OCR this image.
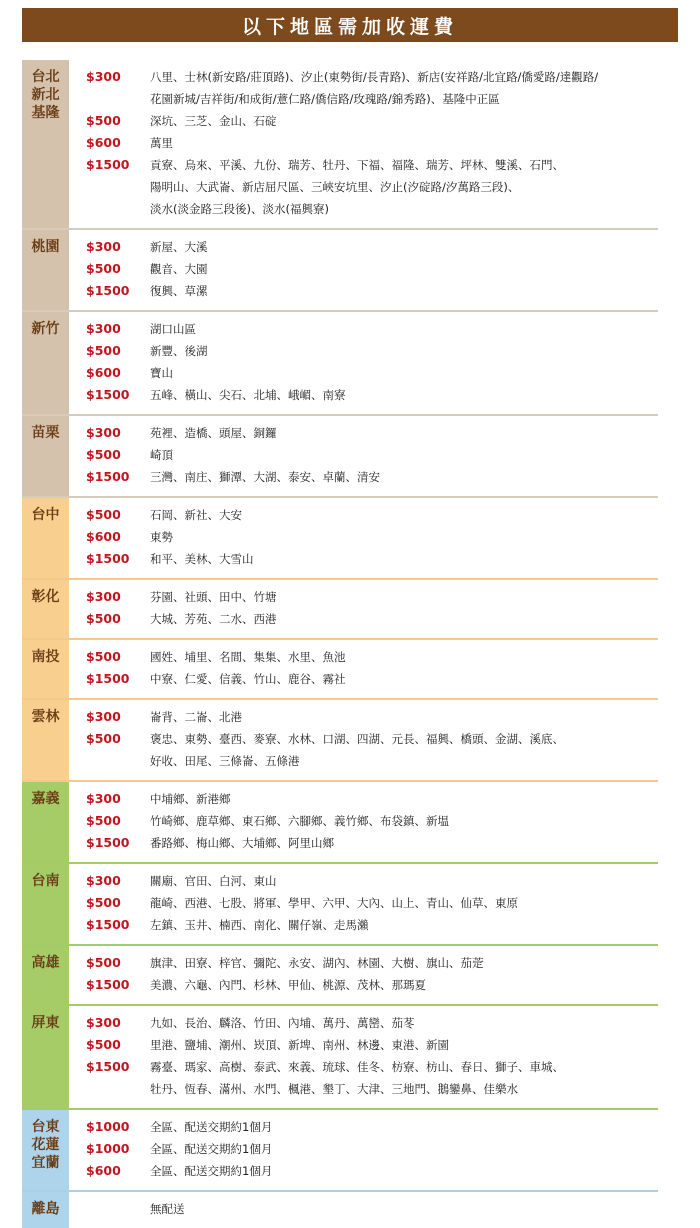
以下地區需加收運費
台北
新北
基隆
$300	八里、士林(新安路/莊頂路)、汐止(東勢街/長青路)、新店(安祥路/北宜路/僑愛路/達觀路/
花園新城/吉祥街/和成街/薏仁路/僑信路/玫瑰路/錦秀路)、基隆中正區
$500	深坑、三芝、金山、石碇
$600	萬里
$1500	貢寮、烏來、平溪、九份、瑞芳、牡丹、下福、福隆、瑞芳、坪林、雙溪、石門、
陽明山、大武崙、新店屈尺區、三峽安坑里、汐止(汐碇路/汐萬路三段)、
淡水(淡金路三段後)、淡水(福興寮)
桃園	$300	新屋、大溪
$500	觀音、大園
$1500	復興、草漯
新竹	$300	湖口山區
$500	新豐、後湖
$600	寶山
$1500	五峰、橫山、尖石、北埔、峨嵋、南寮
苗栗	$300	苑裡、造橋、頭屋、銅鑼
$500	崎頂
$1500	三灣、南庄、獅潭、大湖、泰安、卓蘭、清安
台中	$500	石岡、新社、大安
$600	東勢
$1500	和平、美林、大雪山
彰化	$300	芬園、社頭、田中、竹塘
$500	大城、芳苑、二水、西港
南投	$500	國姓、埔里、名間、集集、水里、魚池
$1500	中寮、仁愛、信義、竹山、鹿谷、霧社
雲林	$300	崙背、二崙、北港
$500	褒忠、東勢、臺西、麥寮、水林、口湖、四湖、元長、福興、橋頭、金湖、溪底、
好收、田尾、三條崙、五條港
嘉義	$300	中埔鄉、新港鄉
$500	竹崎鄉、鹿草鄉、東石鄉、六腳鄉、義竹鄉、布袋鎮、新塭
$1500	番路鄉、梅山鄉、大埔鄉、阿里山鄉
台南	$300	關廟、官田、白河、東山
$500	龍崎、西港、七股、將軍、學甲、六甲、大內、山上、青山、仙草、東原
$1500	左鎮、玉井、楠西、南化、關仔嶺、走馬瀨
高雄	$500	旗津、田寮、梓官、彌陀、永安、湖內、林園、大樹、旗山、茄萣
$1500	美濃、六龜、內門、杉林、甲仙、桃源、茂林、那瑪夏
屏東	$300	九如、長治、麟洛、竹田、內埔、萬丹、萬巒、茄苳
$500	里港、鹽埔、潮州、崁頂、新埤、南州、林邊、東港、新園
$1500	霧臺、瑪家、高樹、泰武、來義、琉球、佳冬、枋寮、枋山、春日、獅子、車城、
牡丹、恆春、滿州、水門、楓港、墾丁、大津、三地門、鵝鑾鼻、佳樂水
台東
花蓮
宜蘭
$1000	全區、配送交期約1個月
$1000	全區、配送交期約1個月
$600	全區、配送交期約1個月
離島	無配送
